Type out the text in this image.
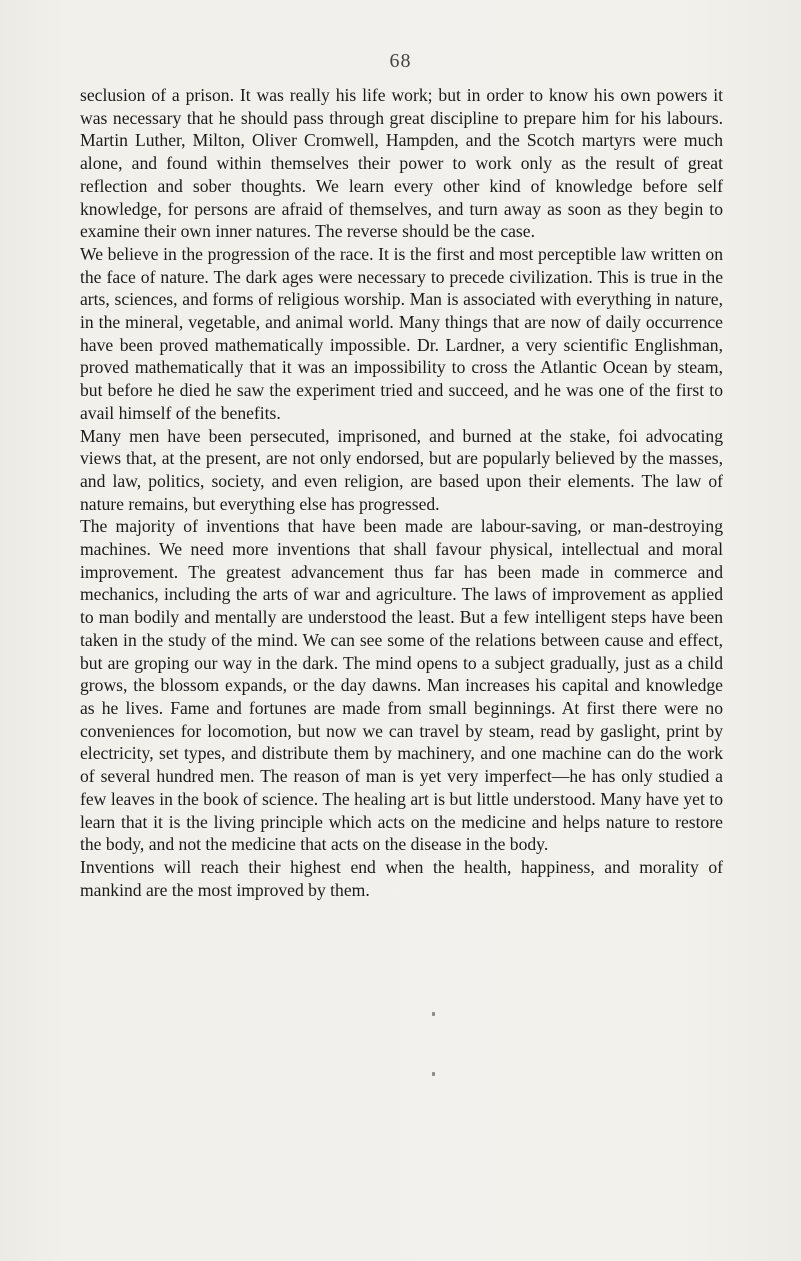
68

seclusion of a prison. It was really his life work; but in order to know his own powers it was necessary that he should pass through great discipline to prepare him for his labours. Martin Luther, Milton, Oliver Cromwell, Hampden, and the Scotch martyrs were much alone, and found within themselves their power to work only as the result of great reflection and sober thoughts. We learn every other kind of knowledge before self knowledge, for persons are afraid of themselves, and turn away as soon as they begin to examine their own inner natures. The reverse should be the case.

We believe in the progression of the race. It is the first and most perceptible law written on the face of nature. The dark ages were necessary to precede civilization. This is true in the arts, sciences, and forms of religious worship. Man is associated with everything in nature, in the mineral, vegetable, and animal world. Many things that are now of daily occurrence have been proved mathematically impossible. Dr. Lardner, a very scientific Englishman, proved mathematically that it was an impossibility to cross the Atlantic Ocean by steam, but before he died he saw the experiment tried and succeed, and he was one of the first to avail himself of the benefits.

Many men have been persecuted, imprisoned, and burned at the stake, foi advocating views that, at the present, are not only endorsed, but are popularly believed by the masses, and law, politics, society, and even religion, are based upon their elements. The law of nature remains, but everything else has progressed.

The majority of inventions that have been made are labour-saving, or man-destroying machines. We need more inventions that shall favour physical, intellectual and moral improvement. The greatest advancement thus far has been made in commerce and mechanics, including the arts of war and agriculture. The laws of improvement as applied to man bodily and mentally are understood the least. But a few intelligent steps have been taken in the study of the mind. We can see some of the relations between cause and effect, but are groping our way in the dark. The mind opens to a subject gradually, just as a child grows, the blossom expands, or the day dawns. Man increases his capital and knowledge as he lives. Fame and fortunes are made from small beginnings. At first there were no conveniences for locomotion, but now we can travel by steam, read by gaslight, print by electricity, set types, and distribute them by machinery, and one machine can do the work of several hundred men. The reason of man is yet very imperfect—he has only studied a few leaves in the book of science. The healing art is but little understood. Many have yet to learn that it is the living principle which acts on the medicine and helps nature to restore the body, and not the medicine that acts on the disease in the body.

Inventions will reach their highest end when the health, happiness, and morality of mankind are the most improved by them.
